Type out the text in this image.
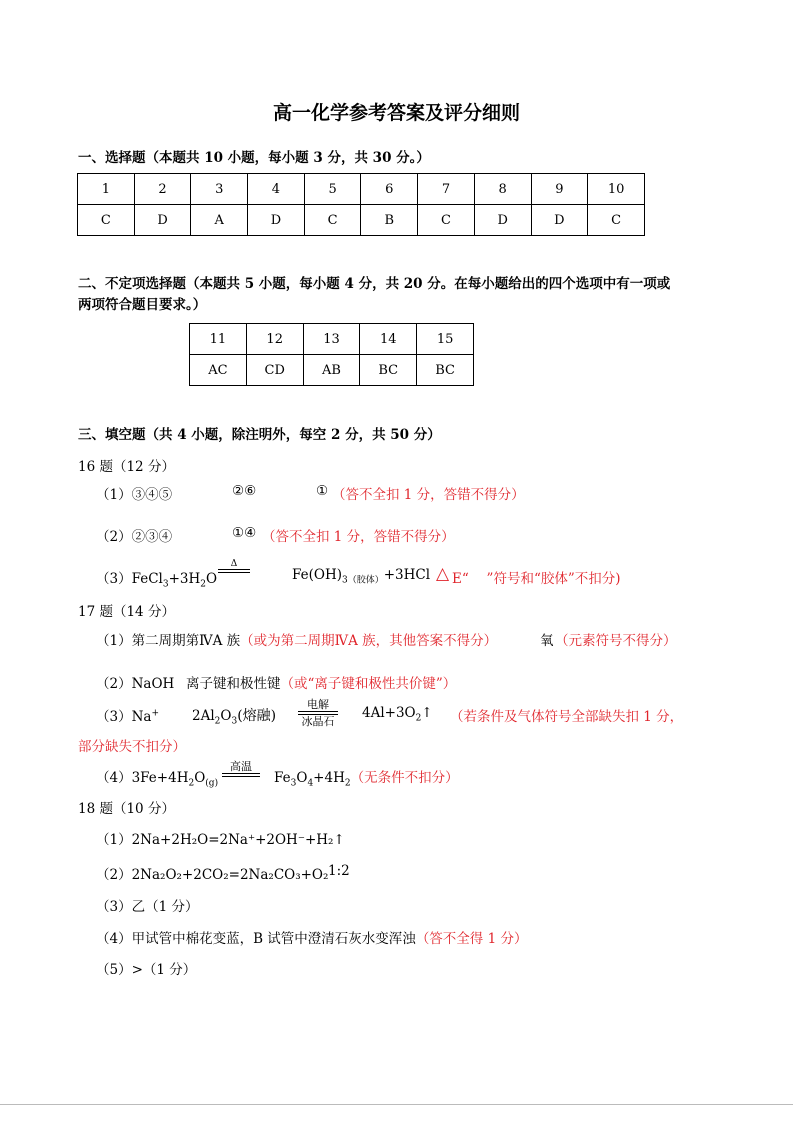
高一化学参考答案及评分细则
一、选择题（本题共 10 小题，每小题 3 分，共 30 分。）
1	2	3	4	5	6	7	8	9	10
C	D	A	D	C	B	C	D	D	C
二、不定项选择题（本题共 5 小题，每小题 4 分，共 20 分。在每小题给出的四个选项中有一项或
两项符合题目要求。）
11	12	13	14	15
AC	CD	AB	BC	BC
三、填空题（共 4 小题，除注明外，每空 2 分，共 50 分）
16 题（12 分）
（1）③④⑤	②⑥	① （答不全扣 1 分，答错不得分）
（2）②③④	①④ （答不全扣 1 分，答错不得分）
$(3)FeCl_3+3H_2O$
Δ
$Fe(OH)_{3(胶体)}+3HCl$ △ E“　 ”符号和“胶体”不扣分)
17 题（14 分）
（1）第二周期第ⅣA 族（或为第二周期ⅣA 族，其他答案不得分）	氧 （元素符号不得分）
（2）NaOH 离子键和极性键（或“离子键和极性共价键”）
（3）Na+ $2Al_2O_3$(熔融)
电解
冰晶石
$4Al+3O_2↑$ （若条件及气体符号全部缺失扣 1 分，
部分缺失不扣分）
$(4)3Fe+4H_2O_{(g)}$
高温
$Fe_3O_4+4H_2$（无条件不扣分）
18 题（10 分）
（1）2Na+2H₂O=2Na⁺+2OH⁻+H₂↑
（2）2Na₂O₂+2CO₂=2Na₂CO₃+O₂ 1:2
（3）乙（1 分）
（4）甲试管中棉花变蓝，B 试管中澄清石灰水变浑浊（答不全得 1 分）
（5）>（1 分）
